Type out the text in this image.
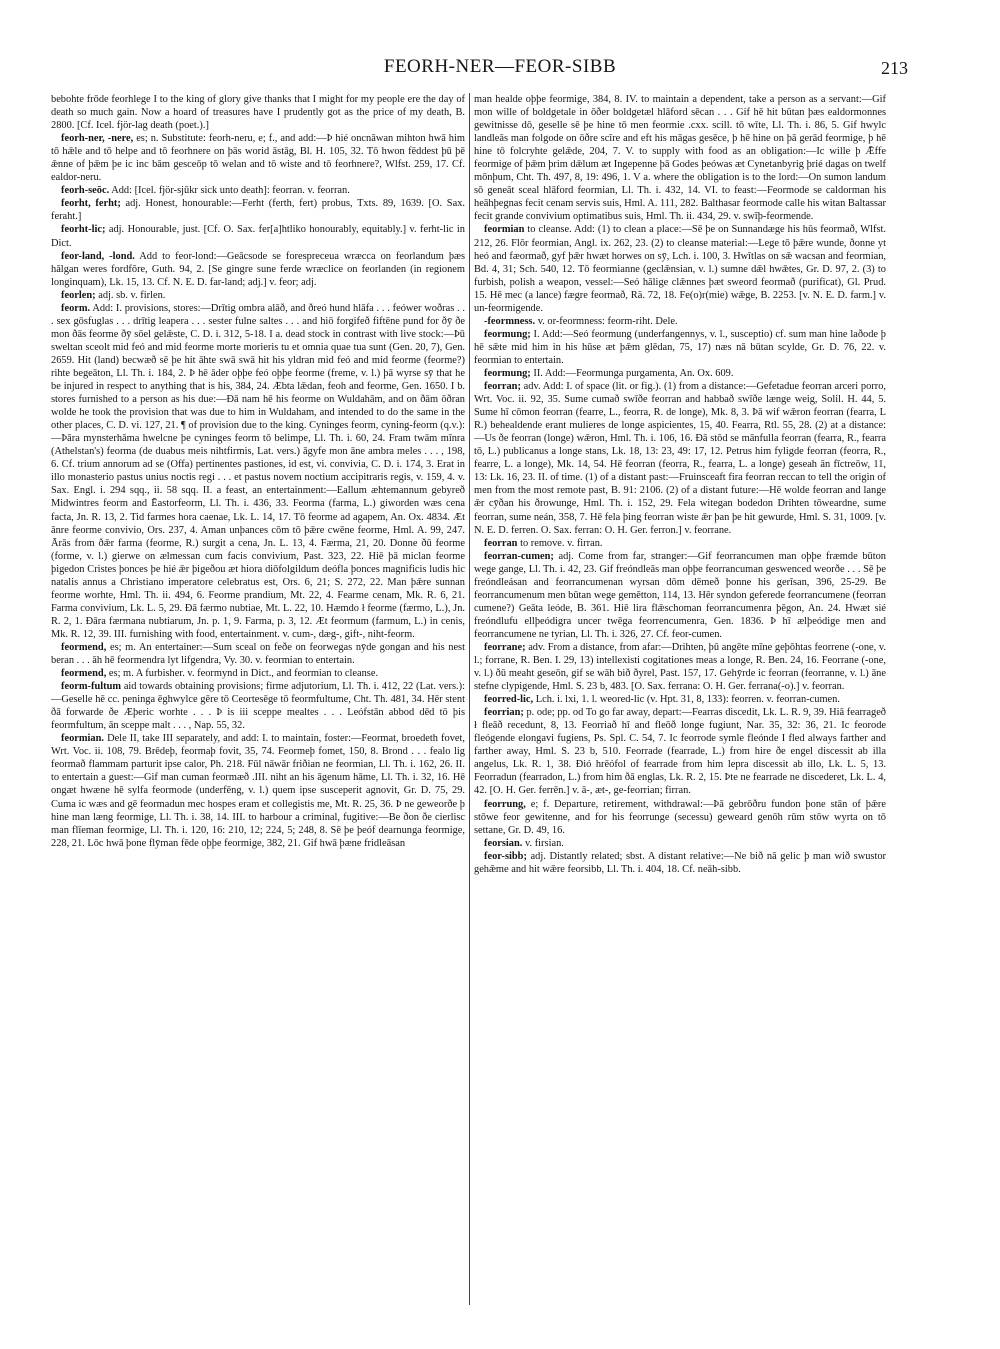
FEORH-NER—FEOR-SIBB	213

bebohte frōde feorhlege I to the king of glory give thanks that I might for my people ere the day of death so much gain. Now a hoard of treasures have I prudently got as the price of my death, B. 2800. [Cf. Icel. fjör-lag death (poet.).]

feorh-ner, -nere, es; n. Substitute: feorh-neru, e; f., and add:—Þ hié oncnāwan mihton hwā him tō hǣle and tō helpe and tō feorhnere on þās worid āstāg, Bl. H. 105, 32. Tō hwon fēddest þū þē ǣnne of þǣm þe ic inc bām gesceōp tō welan and tō wiste and tō feorhnere?, Wlfst. 259, 17. Cf. ealdor-neru.

feorh-seōc. Add: [Icel. fjör-sjūkr sick unto death]: feorran. v. feorran.

feorht, ferht; adj. Honest, honourable:—Ferht (ferth, fert) probus, Txts. 89, 1639. [O. Sax. feraht.]

feorht-lic; adj. Honourable, just. [Cf. O. Sax. fer[a]htliko honourably, equitably.] v. ferht-lic in Dict.

feor-land, -lond. Add to feor-lond:—Geācsode se forespreceua wræcca on feorlandum þæs hālgan weres fordfōre, Guth. 94, 2. [Se gingre sune ferde wræclice on feorlanden (in regionem longinquam), Lk. 15, 13. Cf. N. E. D. far-land; adj.] v. feor; adj.

feorlen; adj. sb. v. firlen.

feorm. Add: I. provisions, stores:—Drītig ombra alāð, and ðreó hund hlāfa . . . feówer woðras . . . sex gōsfuglas . . . drītig leapera . . . sester fulne saltes . . . and hiō forgifeð fiftēne pund for ðȳ ðe mon ðās feorme ðȳ sōel gelǣste, C. D. i. 312, 5-18. I a. dead stock in contrast with live stock:—Þū sweltan sceolt mid feó and mid feorme morte morieris tu et omnia quae tua sunt (Gen. 20, 7), Gen. 2659. Hit (land) becwæð sē þe hit āhte swā swā hit his yldran mid feó and mid feorme (feorme?) rihte begeāton, Ll. Th. i. 184, 2. Þ hē āder oþþe feó oþþe feorme (freme, v. l.) þā wyrse sȳ that he be injured in respect to anything that is his, 384, 24. Æbta lǣdan, feoh and feorme, Gen. 1650. I b. stores furnished to a person as his due:—Ðā nam hē his feorme on Wuldahām, and on ðām ōðran wolde he took the provision that was due to him in Wuldaham, and intended to do the same in the other places, C. D. vi. 127, 21. ¶ of provision due to the king. Cyninges feorm, cyning-feorm (q.v.):—Þāra mynsterhāma hwelcne þe cyninges feorm tō belimpe, Ll. Th. i. 60, 24. Fram twām mīnra (Athelstan's) feorma (de duabus meis nihtfirmis, Lat. vers.) āgyfe mon āne ambra meles . . . , 198, 6. Cf. trium annorum ad se (Offa) pertinentes pastiones, id est, vi. convivia, C. D. i. 174, 3. Erat in illo monasterio pastus unius noctis regi . . . et pastus novem noctium accipitraris regis, v. 159, 4. v. Sax. Engl. i. 294 sqq., ii. 58 sqq. II. a feast, an entertainment:—Eallum æhtemannum gebyreð Midwintres feorm and Ēastorfeorm, Ll. Th. i. 436, 33. Feorma (farma, L.) giworden wæs cena facta, Jn. R. 13, 2. Tid farmes hora caenae, Lk. L. 14, 17. Tō feorme ad agapem, An. Ox. 4834. Æt ānre feorme convivio, Ors. 237, 4. Aman unþances cōm tō þǣre cwēne feorme, Hml. A. 99, 247. Ārās from ðǣr farma (feorme, R.) surgit a cena, Jn. L. 13, 4. Færma, 21, 20. Donne ðū feorme (forme, v. l.) gierwe on ælmessan cum facis convivium, Past. 323, 22. Hiē þā miclan feorme þigedon Cristes þonces þe hié ǣr þigeðou æt hiora diōfolgildum deófla þonces magnificis ludis hic natalis annus a Christiano imperatore celebratus est, Ors. 6, 21; S. 272, 22. Man þǣre sunnan feorme worhte, Hml. Th. ii. 494, 6. Feorme prandium, Mt. 22, 4. Fearme cenam, Mk. R. 6, 21. Farma convivium, Lk. L. 5, 29. Ðā færmo nubtiae, Mt. L. 22, 10. Hæmdo ł feorme (færmo, L.), Jn. R. 2, 1. Ðāra færmana nubtiarum, Jn. p. 1, 9. Farma, p. 3, 12. Æt feormum (farmum, L.) in cenis, Mk. R. 12, 39. III. furnishing with food, entertainment. v. cum-, dæg-, gift-, niht-feorm.

feormend, es; m. An entertainer:—Sum sceal on feðe on feorwegas nȳde gongan and his nest beran . . . āh hē feormendra lyt lifgendra, Vy. 30. v. feormian to entertain.

feormend, es; m. A furbisher. v. feormynd in Dict., and feormian to cleanse.

feorm-fultum aid towards obtaining provisions; firme adjutorium, Ll. Th. i. 412, 22 (Lat. vers.):—Geselle hē cc. peninga ēghwylce gēre tō Ceortesēge tō feormfultume, Cht. Th. 481, 34. Hēr stent ðā forwarde ðe Æþeric worhte . . . Þ is iii sceppe mealtes . . . Leófstān abbod dēd tō þis feormfultum, ān sceppe malt . . . , Nap. 55, 32.

feormian. Dele II, take III separately, and add: I. to maintain, foster:—Feormat, broedeth fovet, Wrt. Voc. ii. 108, 79. Brēdeþ, feormaþ fovit, 35, 74. Feormeþ fomet, 150, 8. Brond . . . fealo lig feormað flammam parturit ipse calor, Ph. 218. Fūl nāwār friðian ne feormian, Ll. Th. i. 162, 26. II. to entertain a guest:—Gif man cuman feormæð .III. niht an his āgenum hāme, Ll. Th. i. 32, 16. Hē ongæt hwæne hē sylfa feormode (underfēng, v. l.) quem ipse susceperit agnovit, Gr. D. 75, 29. Cuma ic wæs and gē feormadun mec hospes eram et collegistis me, Mt. R. 25, 36. Þ ne geweorðe þ hine man læng feormige, Ll. Th. i. 38, 14. III. to harbour a criminal, fugitive:—Be ðon ðe cierlisc man flīeman feormige, Ll. Th. i. 120, 16: 210, 12; 224, 5; 248, 8. Sē þe þeóf dearnunga feormige, 228, 21. Lōc hwā þone flȳman fēde oþþe feormige, 382, 21. Gif hwā þæne fridleāsan

man healde oþþe feormige, 384, 8. IV. to maintain a dependent, take a person as a servant:—Gif mon wille of boldgetale in ōðer boldgetæl hlāford sēcan . . . Gif hē hit būtan þæs ealdormonnes gewitnisse dō, geselle sē þe hine tō men feormie .cxx. scill. tō wīte, Ll. Th. i. 86, 5. Gif hwylc landleās man folgode on ōðre scīre and eft his māgas gesēce, þ hē hine on þā gerād feormige, þ hē hine tō folcryhte gelǣde, 204, 7. V. to supply with food as an obligation:—Ic wille þ Ǣffe feormige of þǣm þrim dǣlum æt Ingepenne þā Godes þeówas æt Cynetanbyrig þrié dagas on twelf mōnþum, Cht. Th. 497, 8, 19: 496, 1. V a. where the obligation is to the lord:—On sumon landum sō geneāt sceal hlāford feormian, Ll. Th. i. 432, 14. VI. to feast:—Feormode se caldorman his heāhþegnas fecit cenam servis suis, Hml. A. 111, 282. Balthasar feormode calle his witan Baltassar fecit grande convivium optimatibus suis, Hml. Th. ii. 434, 29. v. swīþ-feormende.

feormian to cleanse. Add: (1) to clean a place:—Sē þe on Sunnandæge his hūs feormað, Wlfst. 212, 26. Flōr feormian, Angl. ix. 262, 23. (2) to cleanse material:—Lege tō þǣre wunde, ðonne yt heó and fæormað, gyf þǣr hwæt horwes on sȳ, Lch. i. 100, 3. Hwītlas on sǣ wacsan and feormian, Bd. 4, 31; Sch. 540, 12. Tō feormianne (geclǣnsian, v. l.) sumne dǣl hwǣtes, Gr. D. 97, 2. (3) to furbish, polish a weapon, vessel:—Seó hālige clǣnnes þæt sweord feormað (purificat), Gl. Prud. 15. Hē mec (a lance) fægre feormað, Rä. 72, 18. Fe(o)r(mie) wǣge, B. 2253. [v. N. E. D. farm.] v. un-feormigende.

-feormness. v. or-feormness: feorm-riht. Dele.

feormung; I. Add:—Seó feormung (underfangennys, v. l., susceptio) cf. sum man hine laðode þ hē sǣte mid him in his hūse æt þǣm glēdan, 75, 17) næs nā būtan scylde, Gr. D. 76, 22. v. feormian to entertain.

feormung; II. Add:—Feormunga purgamenta, An. Ox. 609.

feorran; adv. Add: I. of space (lit. or fig.). (1) from a distance:—Gefetadue feorran arceri porro, Wrt. Voc. ii. 92, 35. Sume cumað swīðe feorran and habbað swīðe længe weig, Solil. H. 44, 5. Sume hī cōmon feorran (fearre, L., feorra, R. de longe), Mk. 8, 3. Þā wif wǣron feorran (fearra, L R.) behealdende erant mulieres de longe aspicientes, 15, 40. Fearra, Rtl. 55, 28. (2) at a distance:—Us ðe feorran (longe) wǣron, Hml. Th. i. 106, 16. Ðā stōd se mānfulla feorran (fearra, R., fearra tō, L.) publicanus a longe stans, Lk. 18, 13: 23, 49: 17, 12. Petrus him fyligde feorran (feorra, R., fearre, L. a longe), Mk. 14, 54. Hē feorran (feorra, R., fearra, L. a longe) geseah ān fīctreōw, 11, 13: Lk. 16, 23. II. of time. (1) of a distant past:—Fruinsceaft fira feorran reccan to tell the origin of men from the most remote past, B. 91: 2106. (2) of a distant future:—Hē wolde feorran and lange ǣr cȳðan his ðrowunge, Hml. Th. i. 152, 29. Fela witegan bodedon Drihten tōweardne, sume feorran, sume neán, 358, 7. Hē fela þing feorran wiste ǣr þan þe hit gewurde, Hml. S. 31, 1009. [v. N. E. D. ferren. O. Sax. ferran: O. H. Ger. ferron.] v. feorrane.

feorran to remove. v. firran.

feorran-cumen; adj. Come from far, stranger:—Gif feorrancumen man oþþe fræmde būton wege gange, Ll. Th. i. 42, 23. Gif freóndleās man oþþe feorrancuman geswenced weorðe . . . Sē þe freóndleásan and feorrancumenan wyrsan dōm dēmeð þonne his gerīsan, 396, 25-29. Be feorrancumenum men būtan wege gemētton, 114, 13. Hēr syndon geferede feorrancumene (feorran cumene?) Geāta leóde, B. 361. Hiē lira flǣschoman feorrancumenra þēgon, An. 24. Hwæt sié freóndlufu ellþeódigra uncer twēga feorrencumenra, Gen. 1836. Þ hī ælþeódige men and feorrancumene ne tyrian, Ll. Th. i. 326, 27. Cf. feor-cumen.

feorrane; adv. From a distance, from afar:—Drihten, þū angēte mīne geþōhtas feorrene (-one, v. l.; forrane, R. Ben. I. 29, 13) intellexisti cogitationes meas a longe, R. Ben. 24, 16. Feorrane (-one, v. l.) ðū meaht geseōn, gif se wāh bið ðyrel, Past. 157, 17. Gehȳrde ic feorran (feorranne, v. l.) āne stefne clypigende, Hml. S. 23 b, 483. [O. Sax. ferrana: O. H. Ger. ferrana(-o).] v. feorran.

feorred-lic, Lch. i. lxi, 1. l. weored-lic (v. Hpt. 31, 8, 133): feorren. v. feorran-cumen.

feorrian; p. ode; pp. od To go far away, depart:—Fearras discedit, Lk. L. R. 9, 39. Hiā fearrageð ł fleāð recedunt, 8, 13. Feorriað hī and fleōð longe fugiunt, Nar. 35, 32: 36, 21. Ic feorode fleógende elongavi fugiens, Ps. Spl. C. 54, 7. Ic feorrode symle fleónde I fled always farther and farther away, Hml. S. 23 b, 510. Feorrade (fearrade, L.) from hire ðe engel discessit ab illa angelus, Lk. R. 1, 38. Ðió hrēófol of fearrade from him lepra discessit ab illo, Lk. L. 5, 13. Feorradun (fearradon, L.) from him ðā englas, Lk. R. 2, 15. Þte ne fearrade ne discederet, Lk. L. 4, 42. [O. H. Ger. ferrēn.] v. ā-, æt-, ge-feorrian; firran.

feorrung, e; f. Departure, retirement, withdrawal:—Þā gebrōðru fundon þone stān of þǣre stōwe feor gewitenne, and for his feorrunge (secessu) geweard genōh rūm stōw wyrta on tō settane, Gr. D. 49, 16.

feorsian. v. firsian.

feor-sibb; adj. Distantly related; sbst. A distant relative:—Ne bið nā gelic þ man wið swustor gehǣme and hit wǣre feorsibb, Ll. Th. i. 404, 18. Cf. neāh-sibb.
